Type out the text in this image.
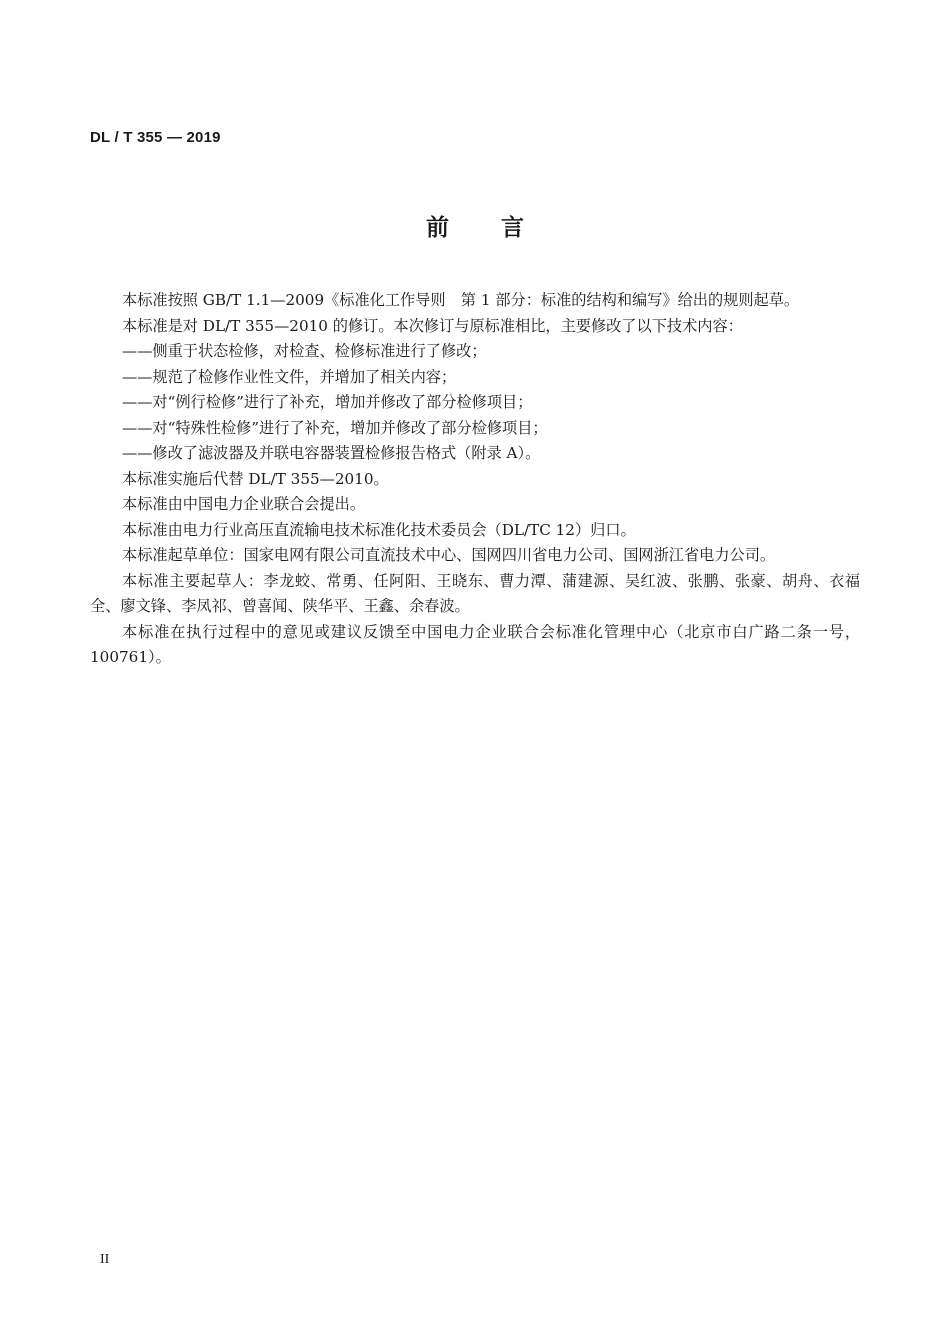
DL / T 355 — 2019
前 言

本标准按照 GB/T 1.1—2009《标准化工作导则　第 1 部分：标准的结构和编写》给出的规则起草。

本标准是对 DL/T 355—2010 的修订。本次修订与原标准相比，主要修改了以下技术内容：

——侧重于状态检修，对检查、检修标准进行了修改；

——规范了检修作业性文件，并增加了相关内容；

——对“例行检修”进行了补充，增加并修改了部分检修项目；

——对“特殊性检修”进行了补充，增加并修改了部分检修项目；

——修改了滤波器及并联电容器装置检修报告格式（附录 A）。

本标准实施后代替 DL/T 355—2010。

本标准由中国电力企业联合会提出。

本标准由电力行业高压直流输电技术标准化技术委员会（DL/TC 12）归口。

本标准起草单位：国家电网有限公司直流技术中心、国网四川省电力公司、国网浙江省电力公司。

本标准主要起草人：李龙蛟、常勇、任阿阳、王晓东、曹力潭、蒲建源、吴红波、张鹏、张豪、胡舟、衣福全、廖文锋、李凤祁、曾喜闻、陕华平、王鑫、余春波。

本标准在执行过程中的意见或建议反馈至中国电力企业联合会标准化管理中心（北京市白广路二条一号，100761）。

II
